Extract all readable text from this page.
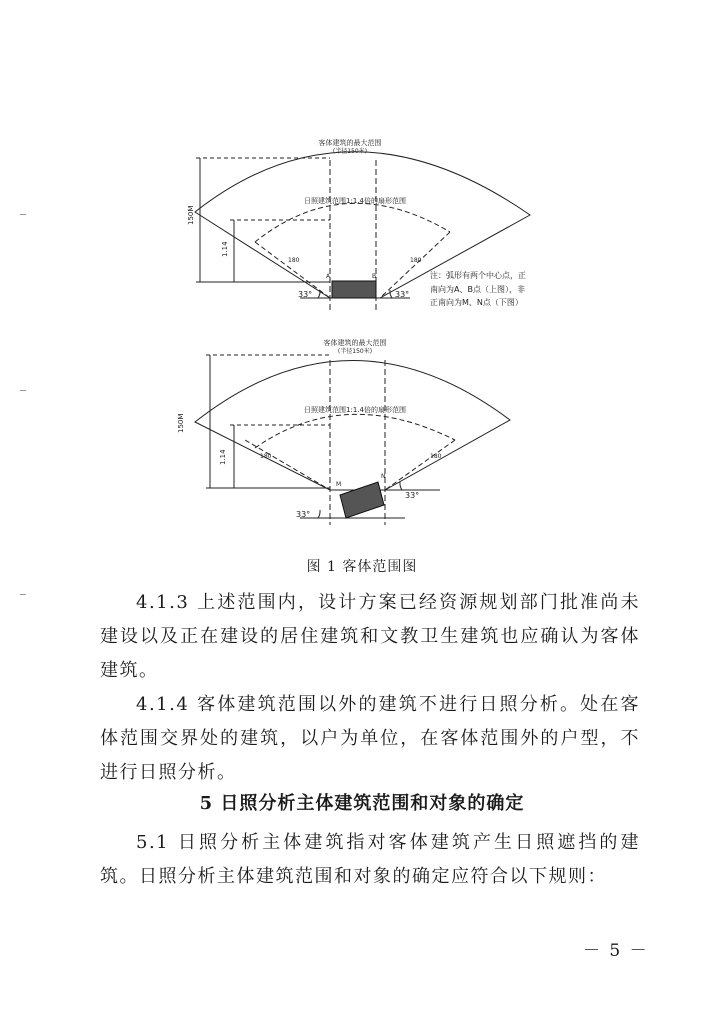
客体建筑的最大范围
(半径150米)
日照建筑范围1:1.4倍的扇形范围
150M
1.14
180	180
33°	33°
A	B	注：弧形有两个中心点，正
南向为A、B点（上图），非
正南向为M、N点（下图）
客体建筑的最大范围
(半径150米)
日照建筑范围1:1.4倍的扇形范围
150M
1.14	180	180
33°
33°
M
N
图 1 客体范围图

4.1.3 上述范围内，设计方案已经资源规划部门批准尚未建设以及正在建设的居住建筑和文教卫生建筑也应确认为客体建筑。

4.1.4 客体建筑范围以外的建筑不进行日照分析。处在客体范围交界处的建筑，以户为单位，在客体范围外的户型，不进行日照分析。

5 日照分析主体建筑范围和对象的确定

5.1 日照分析主体建筑指对客体建筑产生日照遮挡的建筑。日照分析主体建筑范围和对象的确定应符合以下规则：

－ 5 －
